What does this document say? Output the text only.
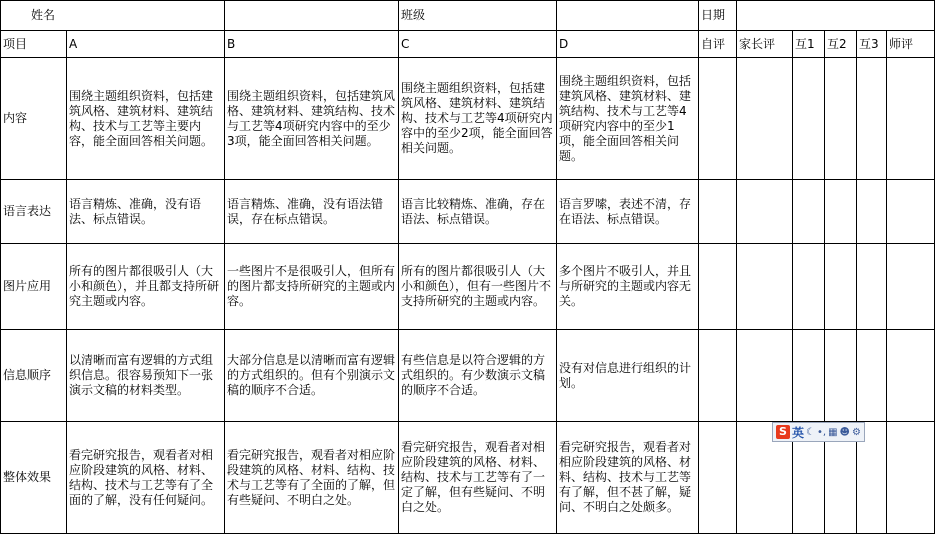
姓名			班级		日期					
项目	A	B	C	D	自评	家长评	互1	互2	互3	师评
内容	围绕主题组织资料，包括建筑风格、建筑材料、建筑结构、技术与工艺等主要内容，能全面回答相关问题。	围绕主题组织资料，包括建筑风格、建筑材料、建筑结构、技术与工艺等4项研究内容中的至少3项，能全面回答相关问题。	围绕主题组织资料，包括建筑风格、建筑材料、建筑结构、技术与工艺等4项研究内容中的至少2项，能全面回答相关问题。	围绕主题组织资料，包括建筑风格、建筑材料、建筑结构、技术与工艺等4项研究内容中的至少1项，能全面回答相关问题。						
语言表达	语言精炼、准确，没有语法、标点错误。	语言精炼、准确，没有语法错误，存在标点错误。	语言比较精炼、准确，存在语法、标点错误。	语言罗嗦，表述不清，存在语法、标点错误。						
图片应用	所有的图片都很吸引人（大小和颜色），并且都支持所研究主题或内容。	一些图片不是很吸引人，但所有的图片都支持所研究的主题或内容。	所有的图片都很吸引人（大小和颜色），但有一些图片不支持所研究的主题或内容。	多个图片不吸引人，并且与所研究的主题或内容无关。						
信息顺序	以清晰而富有逻辑的方式组织信息。很容易预知下一张演示文稿的材料类型。	大部分信息是以清晰而富有逻辑的方式组织的。但有个别演示文稿的顺序不合适。	有些信息是以符合逻辑的方式组织的。有少数演示文稿的顺序不合适。	没有对信息进行组织的计划。						
整体效果	看完研究报告，观看者对相应阶段建筑的风格、材料、结构、技术与工艺等有了全面的了解，没有任何疑问。	看完研究报告，观看者对相应阶段建筑的风格、材料、结构、技术与工艺等有了全面的了解，但有些疑问、不明白之处。	看完研究报告，观看者对相应阶段建筑的风格、材料、结构、技术与工艺等有了一定了解，但有些疑问、不明白之处。	看完研究报告，观看者对相应阶段建筑的风格、材料、结构、技术与工艺等有了解，但不甚了解，疑问、不明白之处颇多。						
S 英 ☾ •, ▦ ☻ ⚙
